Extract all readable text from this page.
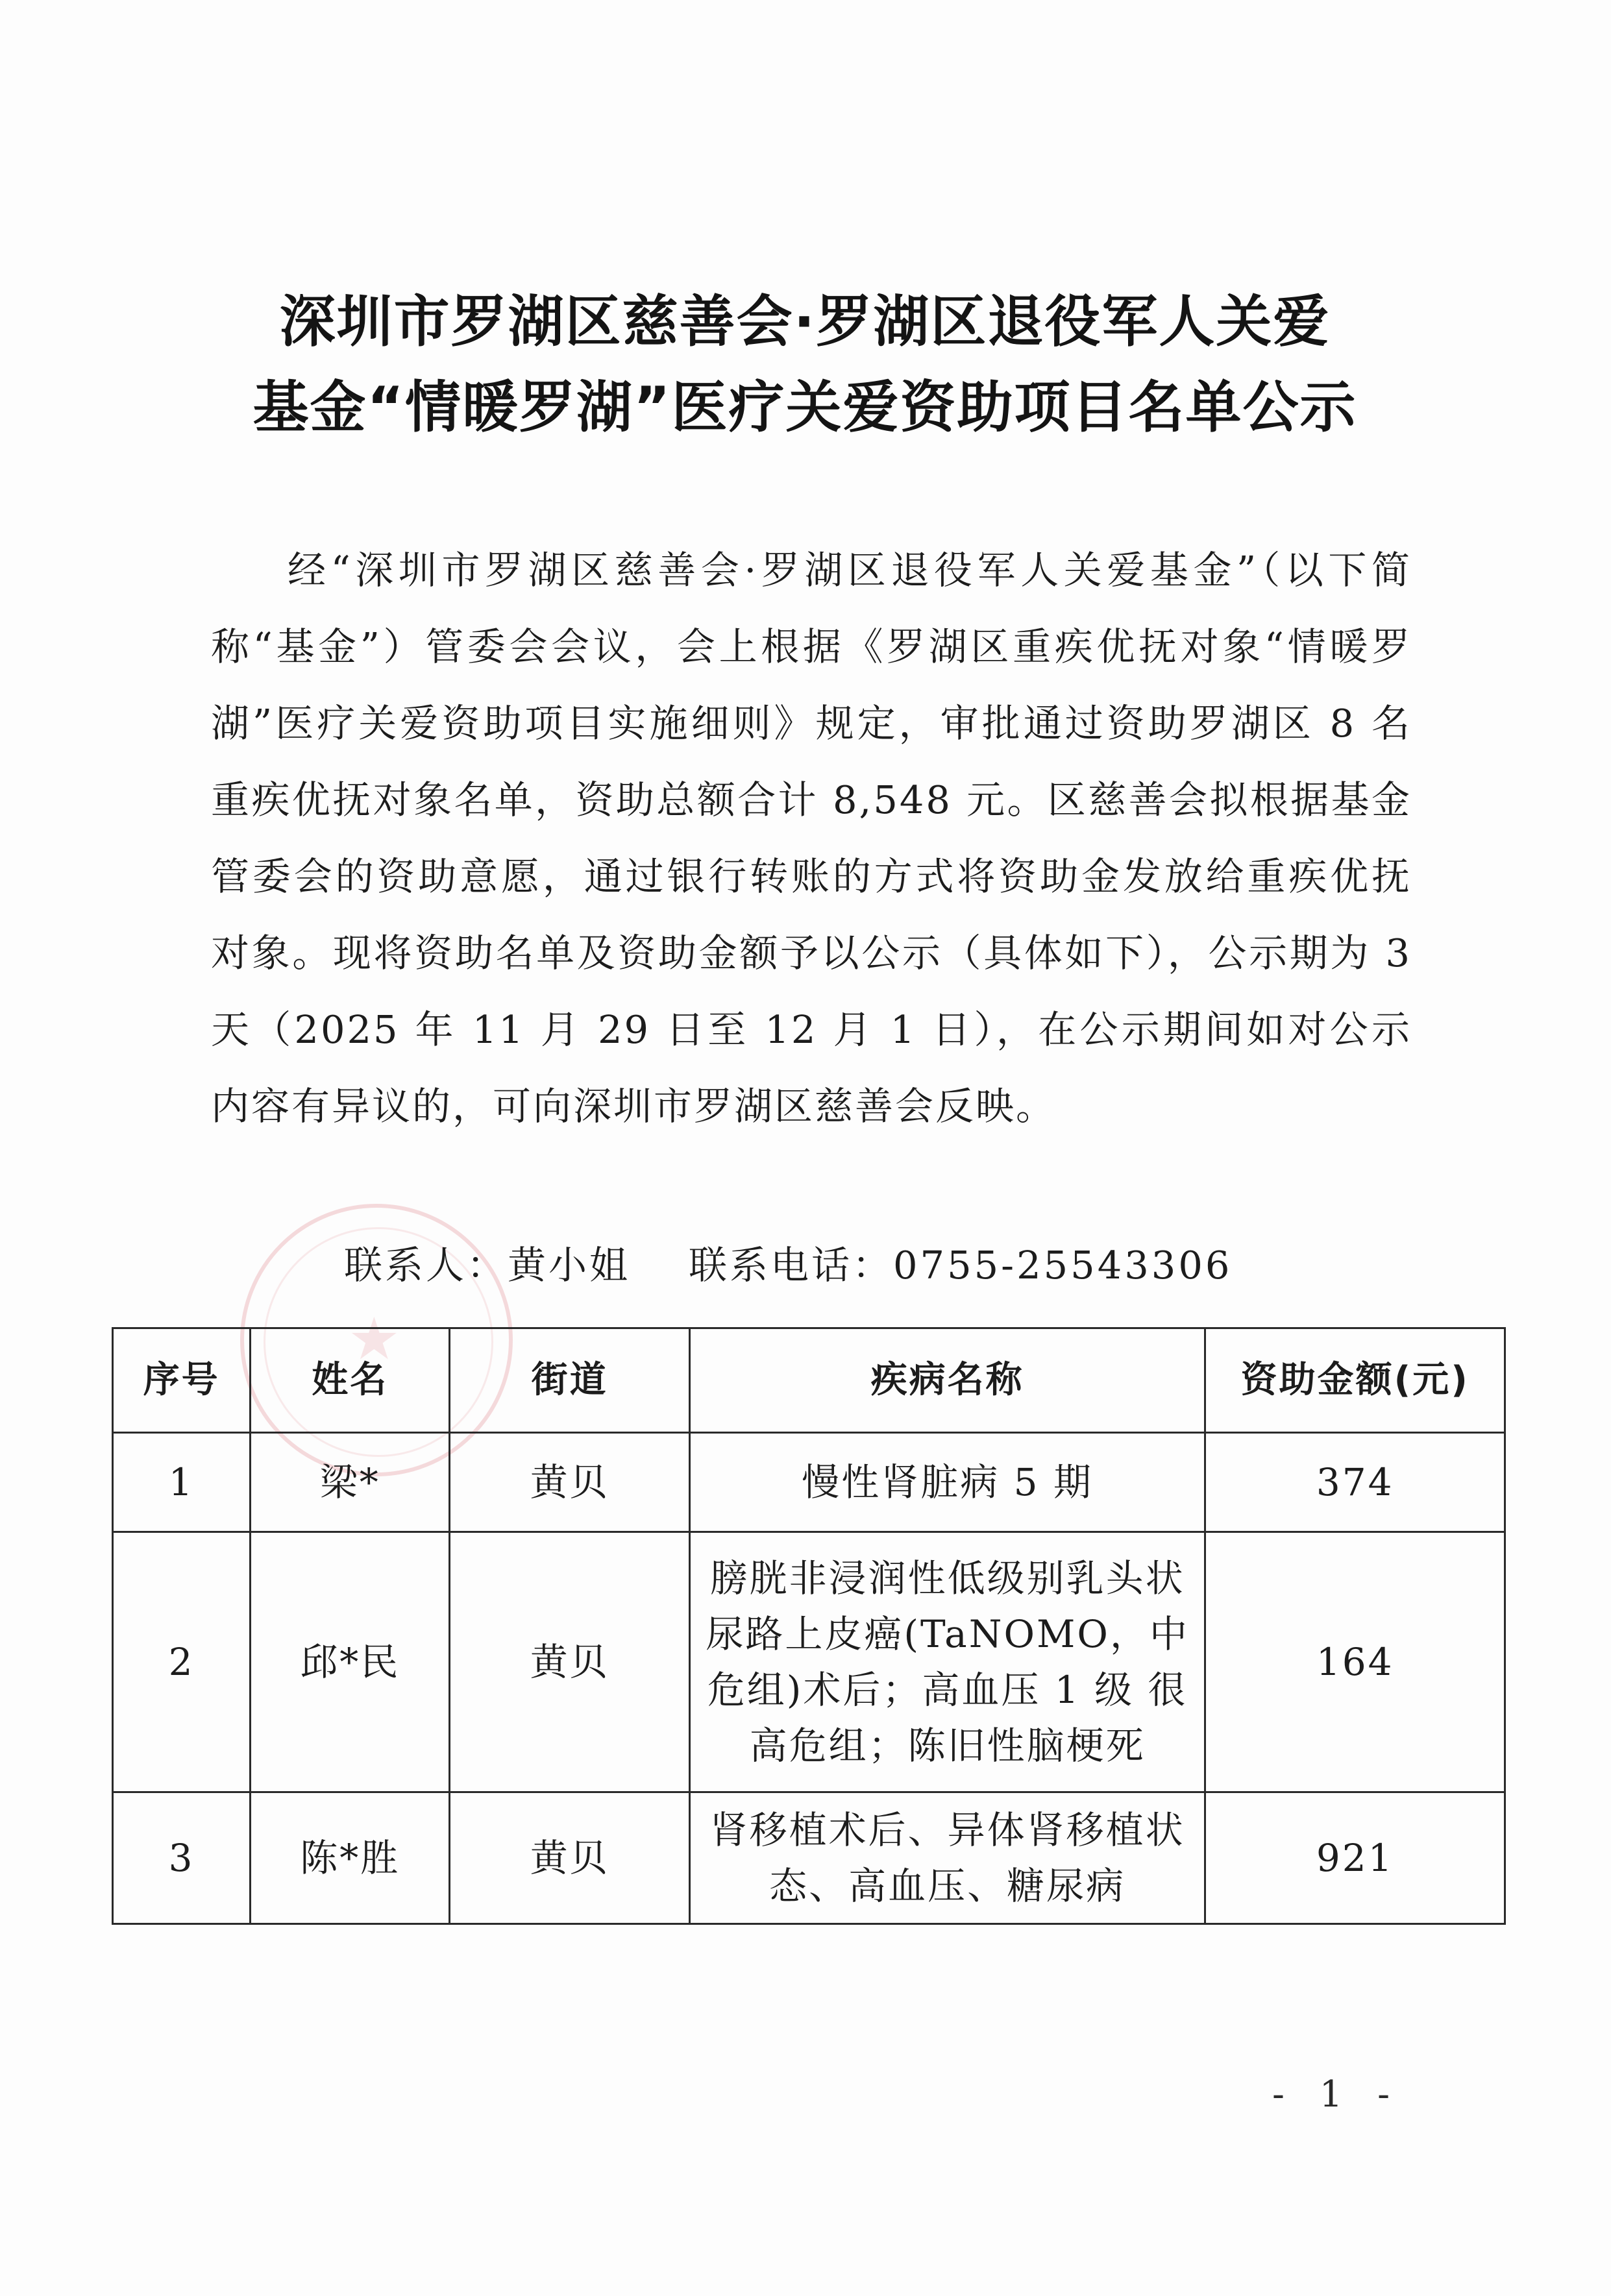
深圳市罗湖区慈善会·罗湖区退役军人关爱
基金“情暖罗湖”医疗关爱资助项目名单公示

经“深圳市罗湖区慈善会·罗湖区退役军人关爱基金”（以下简称“基金”）管委会会议，会上根据《罗湖区重疾优抚对象“情暖罗湖”医疗关爱资助项目实施细则》规定，审批通过资助罗湖区 8 名重疾优抚对象名单，资助总额合计 8,548 元。区慈善会拟根据基金管委会的资助意愿，通过银行转账的方式将资助金发放给重疾优抚对象。现将资助名单及资助金额予以公示（具体如下），公示期为 3 天（2025 年 11 月 29 日至 12 月 1 日），在公示期间如对公示内容有异议的，可向深圳市罗湖区慈善会反映。

★
联系人：黄小姐 联系电话：0755-25543306
序号	姓名	街道	疾病名称	资助金额(元)
1	梁*	黄贝	慢性肾脏病 5 期	374
2	邱*民	黄贝	膀胱非浸润性低级别乳头状尿路上皮癌(TaNOMO，中危组)术后；高血压 1 级 很高危组；陈旧性脑梗死	164
3	陈*胜	黄贝	肾移植术后、异体肾移植状态、高血压、糖尿病	921
- 1 -
